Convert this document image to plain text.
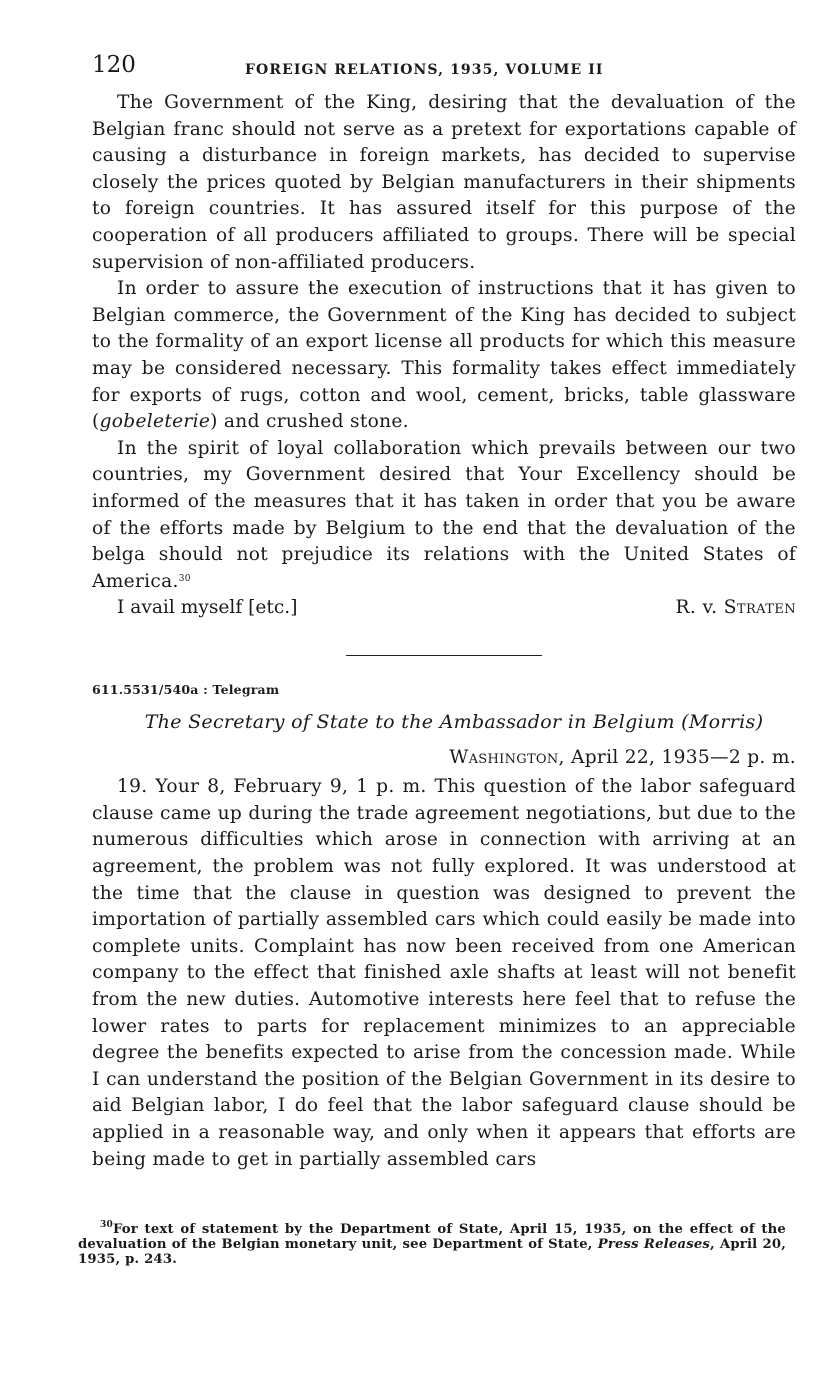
120	FOREIGN RELATIONS, 1935, VOLUME II

The Government of the King, desiring that the devaluation of the Belgian franc should not serve as a pretext for exportations capable of causing a disturbance in foreign markets, has decided to supervise closely the prices quoted by Belgian manufacturers in their shipments to foreign countries. It has assured itself for this purpose of the cooperation of all producers affiliated to groups. There will be special supervision of non-affiliated producers.

In order to assure the execution of instructions that it has given to Belgian commerce, the Government of the King has decided to subject to the formality of an export license all products for which this measure may be considered necessary. This formality takes effect immediately for exports of rugs, cotton and wool, cement, bricks, table glassware (gobeleterie) and crushed stone.

In the spirit of loyal collaboration which prevails between our two countries, my Government desired that Your Excellency should be informed of the measures that it has taken in order that you be aware of the efforts made by Belgium to the end that the devaluation of the belga should not prejudice its relations with the United States of America.$^{30}$

I avail myself [etc.]	R. v. Straten
611.5531/540a : Telegram
The Secretary of State to the Ambassador in Belgium (Morris)
Washington, April 22, 1935—2 p. m.

19. Your 8, February 9, 1 p. m. This question of the labor safeguard clause came up during the trade agreement negotiations, but due to the numerous difficulties which arose in connection with arriving at an agreement, the problem was not fully explored. It was understood at the time that the clause in question was designed to prevent the importation of partially assembled cars which could easily be made into complete units. Complaint has now been received from one American company to the effect that finished axle shafts at least will not benefit from the new duties. Automotive interests here feel that to refuse the lower rates to parts for replacement minimizes to an appreciable degree the benefits expected to arise from the concession made. While I can understand the position of the Belgian Government in its desire to aid Belgian labor, I do feel that the labor safeguard clause should be applied in a reasonable way, and only when it appears that efforts are being made to get in partially assembled cars

$^{30}$For text of statement by the Department of State, April 15, 1935, on the effect of the devaluation of the Belgian monetary unit, see Department of State, Press Releases, April 20, 1935, p. 243.
